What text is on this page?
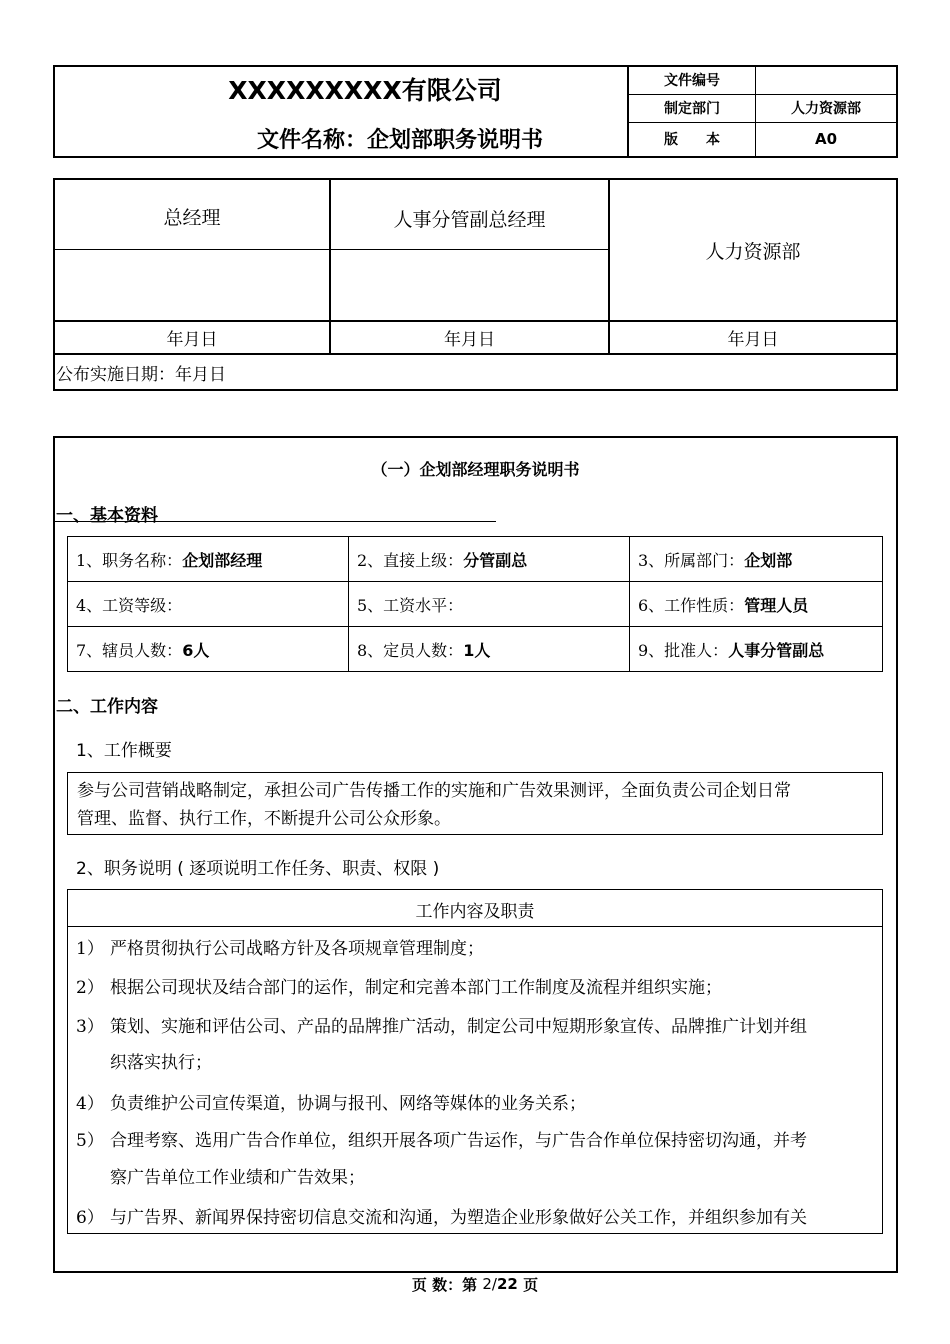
XXXXXXXXX有限公司
文件名称：企划部职务说明书
文件编号	
制定部门	人力资源部
版　　本	A0
总经理	人事分管副总经理
人力资源部
年月日	年月日	年月日
公布实施日期：年月日
（一）企划部经理职务说明书
一、基本资料
1、职务名称：企划部经理	2、直接上级：分管副总	3、所属部门：企划部
4、工资等级：	5、工资水平：	6、工作性质：管理人员
7、辖员人数：6人	8、定员人数：1人	9、批准人：人事分管副总
二、工作内容
1、工作概要
参与公司营销战略制定，承担公司广告传播工作的实施和广告效果测评，全面负责公司企划日常
管理、监督、执行工作，不断提升公司公众形象。
2、职务说明 ( 逐项说明工作任务、职责、权限 )
工作内容及职责
1） 严格贯彻执行公司战略方针及各项规章管理制度；
2） 根据公司现状及结合部门的运作，制定和完善本部门工作制度及流程并组织实施；
3） 策划、实施和评估公司、产品的品牌推广活动，制定公司中短期形象宣传、品牌推广计划并组
织落实执行；
4） 负责维护公司宣传渠道，协调与报刊、网络等媒体的业务关系；
5） 合理考察、选用广告合作单位，组织开展各项广告运作，与广告合作单位保持密切沟通，并考
察广告单位工作业绩和广告效果；
6） 与广告界、新闻界保持密切信息交流和沟通，为塑造企业形象做好公关工作，并组织参加有关
页 数：第 2 / 22 页
